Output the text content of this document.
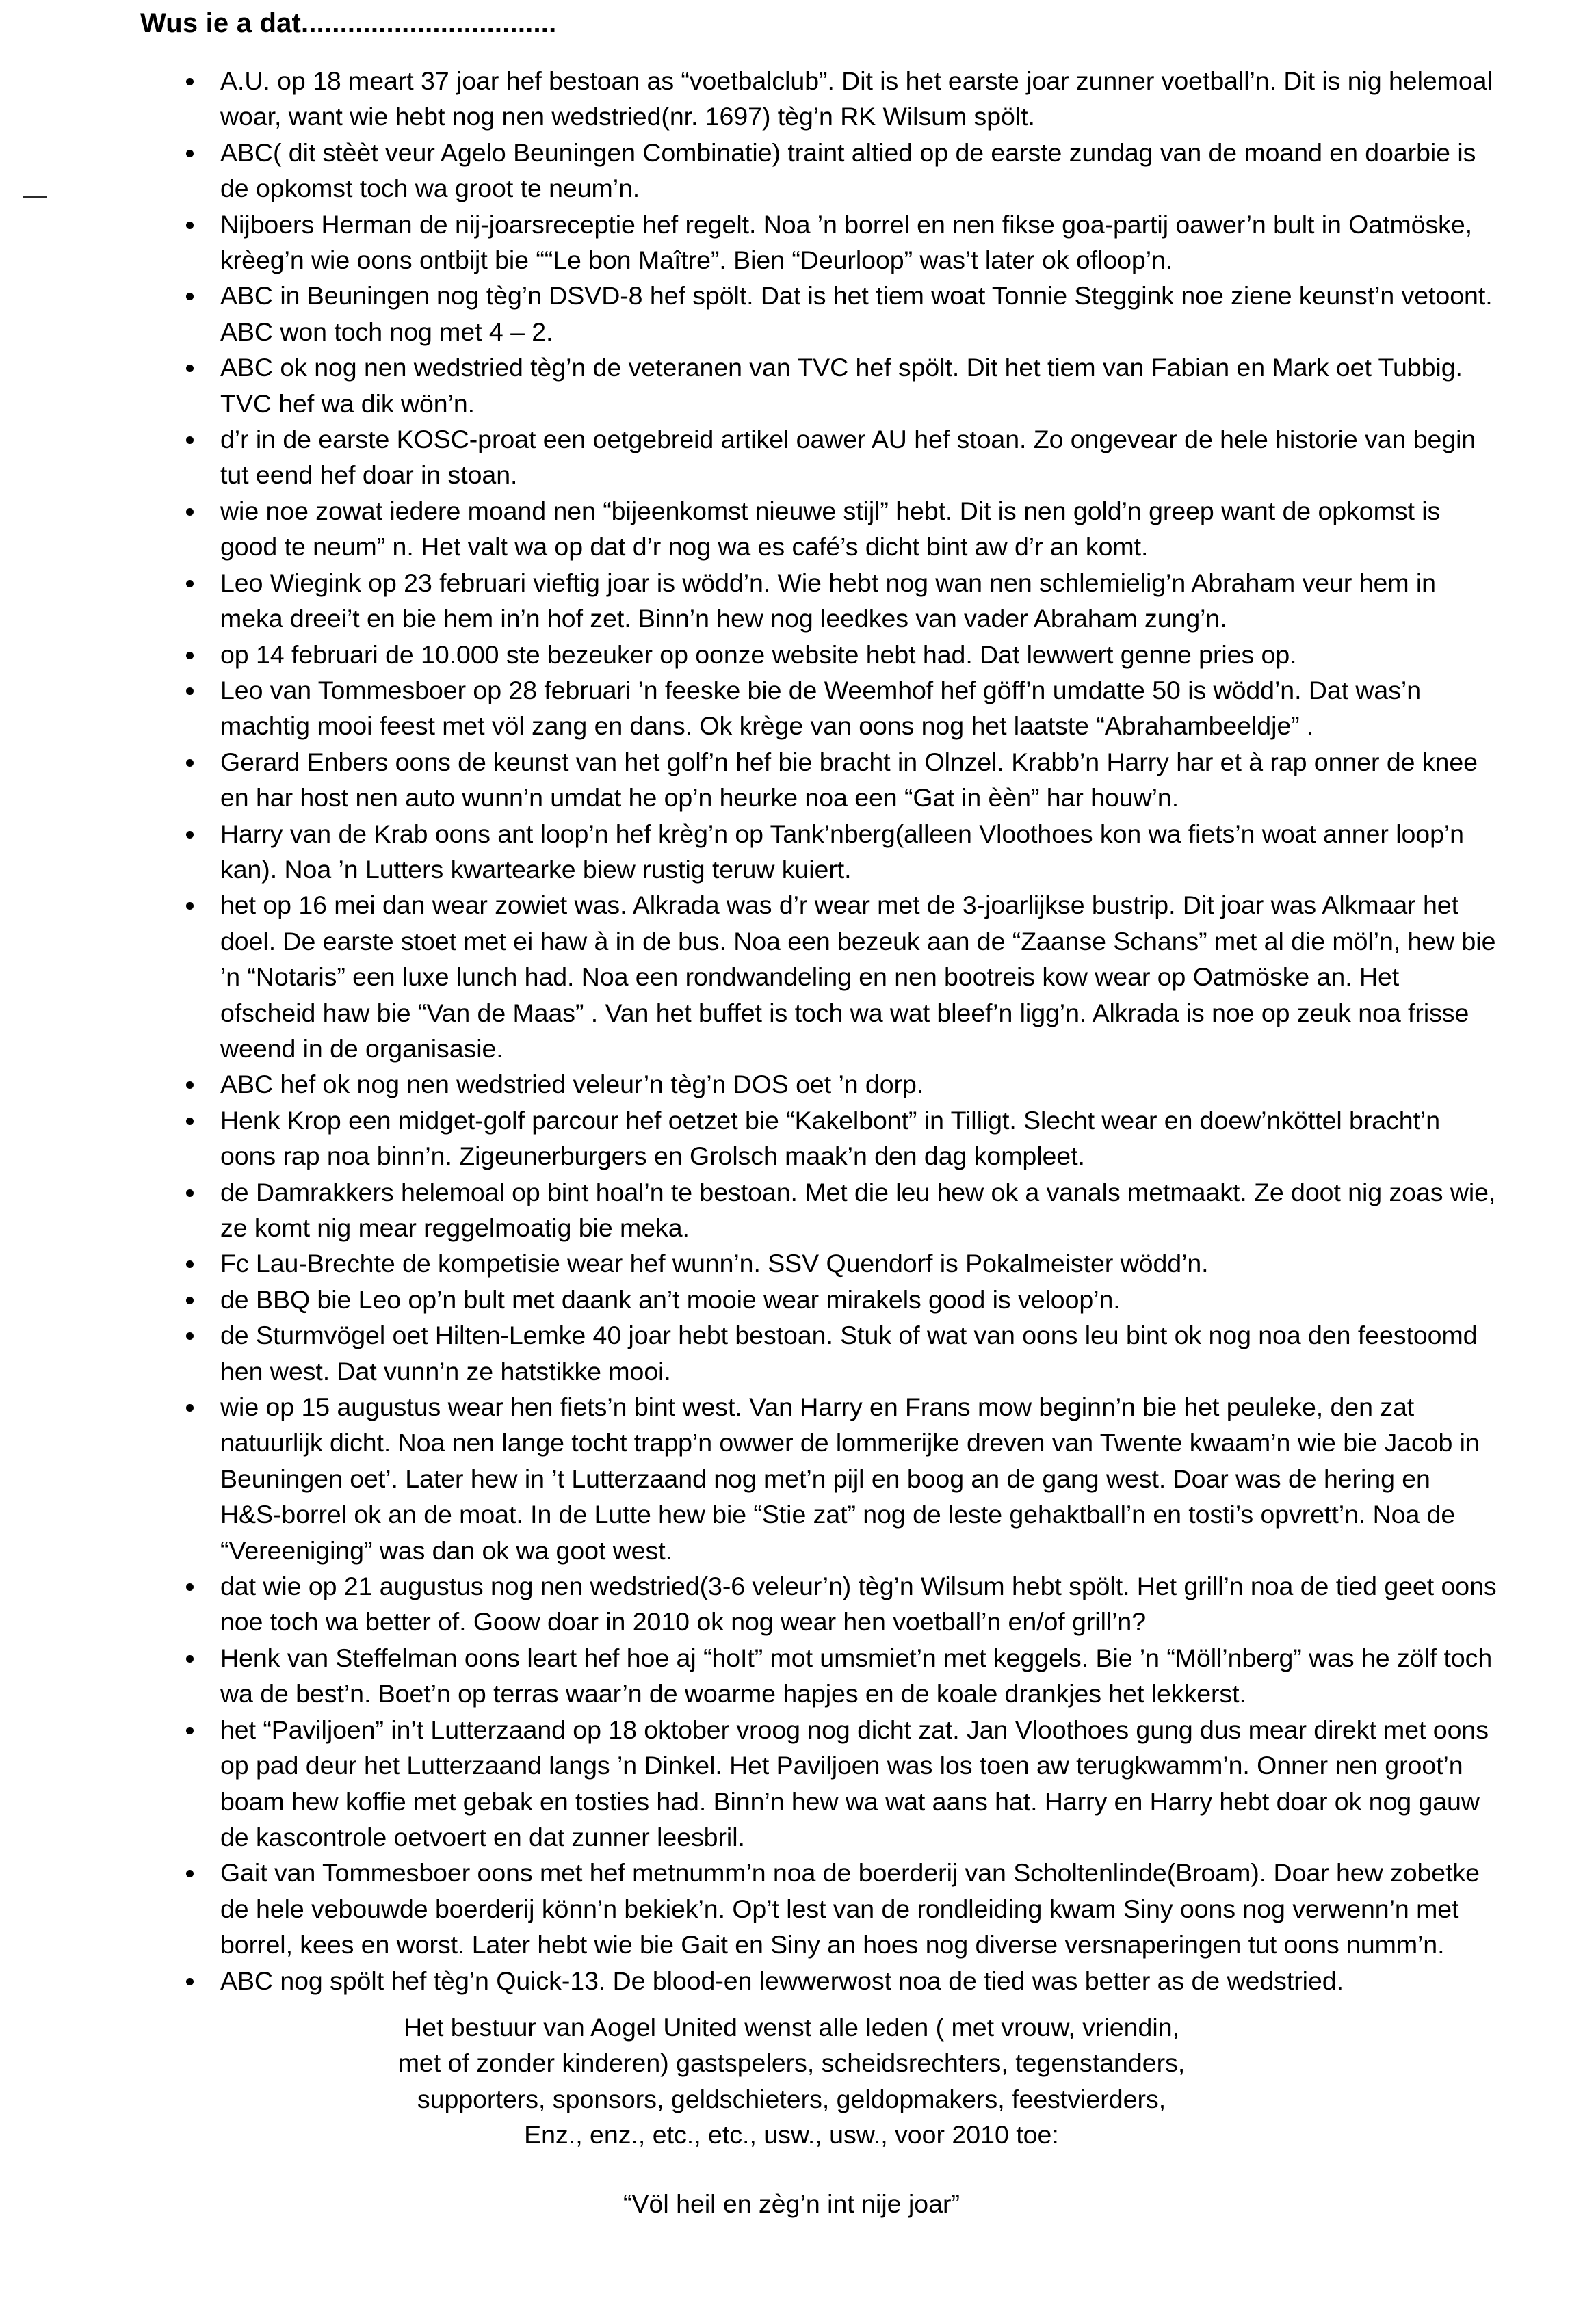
Wus ie a dat.................................
A.U. op 18 meart 37 joar hef bestoan as “voetbalclub”. Dit is het earste joar zunner voetball’n. Dit is nig helemoal woar, want wie hebt nog nen wedstried(nr. 1697) tèg’n RK Wilsum spölt.
ABC( dit stèèt veur Agelo Beuningen Combinatie) traint altied op de earste zundag van de moand en doarbie is de opkomst toch wa groot te neum’n.
Nijboers Herman de nij-joarsreceptie hef regelt. Noa ’n borrel en nen fikse goa-partij oawer’n bult in Oatmöske, krèeg’n wie oons ontbijt bie ““Le bon Maître”. Bien “Deurloop” was’t later ok ofloop’n.
ABC in Beuningen nog tèg’n DSVD-8 hef spölt. Dat is het tiem woat Tonnie Steggink noe ziene keunst’n vetoont. ABC won toch nog met 4 – 2.
ABC ok nog nen wedstried tèg’n de veteranen van TVC hef spölt. Dit het tiem van Fabian en Mark oet Tubbig. TVC hef wa dik wön’n.
d’r in de earste KOSC-proat een oetgebreid artikel oawer AU hef stoan. Zo ongevear de hele historie van begin tut eend hef doar in stoan.
wie noe zowat iedere moand nen “bijeenkomst nieuwe stijl” hebt. Dit is nen gold’n greep want de opkomst is good te neum” n. Het valt wa op dat d’r nog wa es café’s dicht bint aw d’r an komt.
Leo Wiegink op 23 februari vieftig joar is wödd’n. Wie hebt nog wan nen schlemielig’n Abraham veur hem in meka dreei’t en bie hem in’n hof zet. Binn’n hew nog leedkes van vader Abraham zung’n.
op 14 februari de 10.000 ste bezeuker op oonze website hebt had. Dat lewwert genne pries op.
Leo van Tommesboer op 28 februari ’n feeske bie de Weemhof hef göff’n umdatte 50 is wödd’n. Dat was’n machtig mooi feest met völ zang en dans. Ok krège van oons nog het laatste “Abrahambeeldje” .
Gerard Enbers oons de keunst van het golf’n hef bie bracht in Olnzel. Krabb’n Harry har et à rap onner de knee en har host nen auto wunn’n umdat he op’n heurke noa een “Gat in èèn” har houw’n.
Harry van de Krab oons ant loop’n hef krèg’n op Tank’nberg(alleen Vloothoes kon wa fiets’n woat anner loop’n kan). Noa ’n Lutters kwartearke biew rustig teruw kuiert.
het op 16 mei dan wear zowiet was. Alkrada was d’r wear met de 3-joarlijkse bustrip. Dit joar was Alkmaar het doel. De earste stoet met ei haw à in de bus. Noa een bezeuk aan de “Zaanse Schans” met al die möl’n, hew bie ’n “Notaris” een luxe lunch had. Noa een rondwandeling en nen bootreis kow wear op Oatmöske an. Het ofscheid haw bie “Van de Maas” . Van het buffet is toch wa wat bleef’n ligg’n. Alkrada is noe op zeuk noa frisse weend in de organisasie.
ABC hef ok nog nen wedstried veleur’n tèg’n DOS oet ’n dorp.
Henk Krop een midget-golf parcour hef oetzet bie “Kakelbont” in Tilligt. Slecht wear en doew’nköttel bracht’n oons rap noa binn’n. Zigeunerburgers en Grolsch maak’n den dag kompleet.
de Damrakkers helemoal op bint hoal’n te bestoan. Met die leu hew ok a vanals metmaakt. Ze doot nig zoas wie, ze komt nig mear reggelmoatig bie meka.
Fc Lau-Brechte de kompetisie wear hef wunn’n. SSV Quendorf is Pokalmeister wödd’n.
de BBQ bie Leo op’n bult met daank an’t mooie wear mirakels good is veloop’n.
de Sturmvögel oet Hilten-Lemke 40 joar hebt bestoan. Stuk of wat van oons leu bint ok nog noa den feestoomd hen west. Dat vunn’n ze hatstikke mooi.
wie op 15 augustus wear hen fiets’n bint west. Van Harry en Frans mow beginn’n bie het peuleke, den zat natuurlijk dicht. Noa nen lange tocht trapp’n owwer de lommerijke dreven van Twente kwaam’n wie bie Jacob in Beuningen oet’. Later hew in ’t Lutterzaand nog met’n pijl en boog an de gang west. Doar was de hering en H&S-borrel ok an de moat. In de Lutte hew bie “Stie zat” nog de leste gehaktball’n en tosti’s opvrett’n. Noa de “Vereeniging” was dan ok wa goot west.
dat wie op 21 augustus nog nen wedstried(3-6 veleur’n) tèg’n Wilsum hebt spölt. Het grill’n noa de tied geet oons noe toch wa better of. Goow doar in 2010 ok nog wear hen voetball’n en/of grill’n?
Henk van Steffelman oons leart hef hoe aj “hoIt” mot umsmiet’n met keggels. Bie ’n “Möll’nberg” was he zölf toch wa de best’n. Boet’n op terras waar’n de woarme hapjes en de koale drankjes het lekkerst.
het “Paviljoen” in’t Lutterzaand op 18 oktober vroog nog dicht zat. Jan Vloothoes gung dus mear direkt met oons op pad deur het Lutterzaand langs ’n Dinkel. Het Paviljoen was los toen aw terugkwamm’n. Onner nen groot’n boam hew koffie met gebak en tosties had. Binn’n hew wa wat aans hat. Harry en Harry hebt doar ok nog gauw de kascontrole oetvoert en dat zunner leesbril.
Gait van Tommesboer oons met hef metnumm’n noa de boerderij van Scholtenlinde(Broam). Doar hew zobetke de hele vebouwde boerderij könn’n bekiek’n. Op’t lest van de rondleiding kwam Siny oons nog verwenn’n met borrel, kees en worst. Later hebt wie bie Gait en Siny an hoes nog diverse versnaperingen tut oons numm’n.
ABC nog spölt hef tèg’n Quick-13. De blood-en lewwerwost noa de tied was better as de wedstried.
Het bestuur van Aogel United wenst alle leden ( met vrouw, vriendin,
met of zonder kinderen) gastspelers, scheidsrechters, tegenstanders,
supporters, sponsors, geldschieters, geldopmakers, feestvierders,
Enz., enz., etc., etc., usw., usw., voor 2010 toe:
“Völ heil en zèg’n int nije joar”
